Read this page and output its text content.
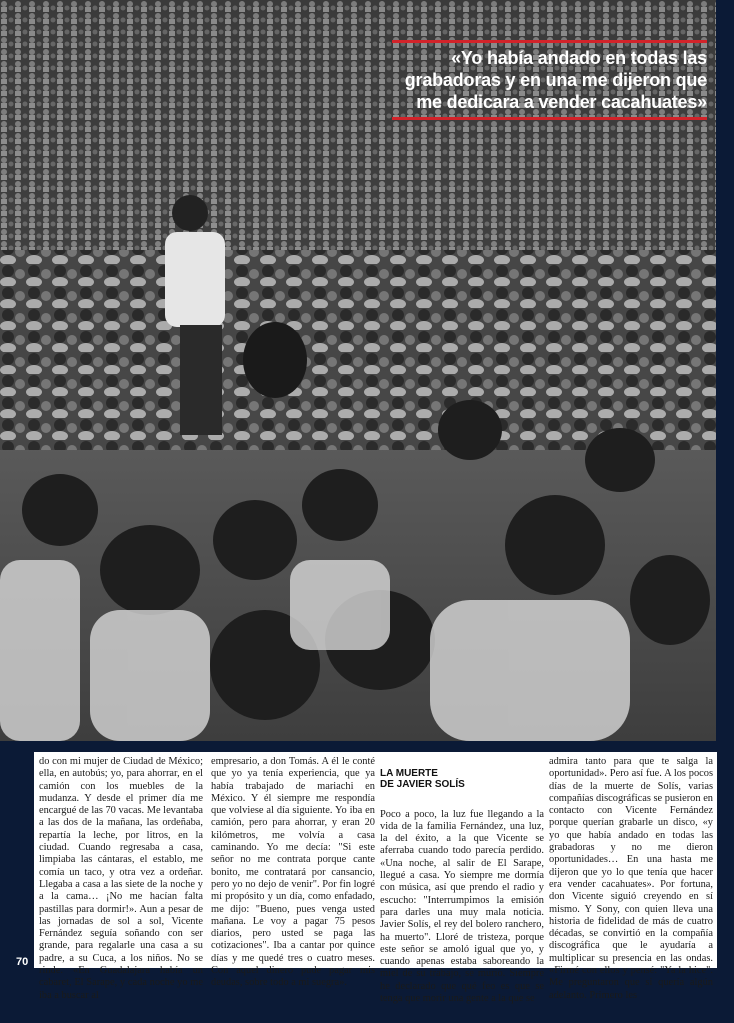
«Yo había andado en todas las
grabadoras y en una me dijeron que
me dedicara a vender cacahuates»
do con mi mujer de Ciudad de México; ella, en autobús; yo, para ahorrar, en el camión con los muebles de la mudanza. Y desde el primer día me encargué de las 70 vacas. Me levantaba a las dos de la mañana, las ordeñaba, repartía la leche, por litros, en la ciudad. Cuando regresaba a casa, limpiaba las cántaras, el establo, me comía un taco, y otra vez a ordeñar. Llegaba a casa a las siete de la noche y a la cama… ¡No me hacían falta pastillas para dormir!». Aun a pesar de las jornadas de sol a sol, Vicente Fernández seguía soñando con ser grande, para regalarle una casa a su padre, a su Cuca, a los niños. No se rinde. «En Guadalajara había un cabaret, El Sarape, y cada noche yo me iba a buscar al
empresario, a don Tomás. A él le conté que yo ya tenía experiencia, que ya había trabajado de mariachi en México. Y él siempre me respondía que volviese al día siguiente. Yo iba en camión, pero para ahorrar, y eran 20 kilómetros, me volvía a casa caminando. Yo me decía: "Si este señor no me contrata porque cante bonito, me contratará por cansancio, pero yo no dejo de venir". Por fin logré mi propósito y un día, como enfadado, me dijo: "Bueno, pues venga usted mañana. Le voy a pagar 75 pesos diarios, pero usted se paga las cotizaciones". Iba a cantar por quince días y me quedé tres o cuatro meses. Con aquel dinero pude pagar mis deudas, sobre todo a mi suegra».

LA MUERTE
DE JAVIER SOLÍS

Poco a poco, la luz fue llegando a la vida de la familia Fernández, una luz, la del éxito, a la que Vicente se aferraba cuando todo parecía perdido. «Una noche, al salir de El Sarape, llegué a casa. Yo siempre me dormía con música, así que prendo el radio y escucho: "Interrumpimos la emisión para darles una muy mala noticia. Javier Solís, el rey del bolero ranchero, ha muerto". Lloré de tristeza, porque este señor se amoló igual que yo, y cuando apenas estaba saboreando la miel de su trabajo, se murió. Siempre he declarado que qué feo es que se tenga que morir una gente a la que se

admira tanto para que te salga la oportunidad». Pero así fue. A los pocos días de la muerte de Solís, varias compañías discográficas se pusieron en contacto con Vicente Fernández porque querían grabarle un disco, «y yo que había andado en todas las grabadoras y no me dieron oportunidades… En una hasta me dijeron que yo lo que tenía que hacer era vender cacahuates». Por fortuna, don Vicente siguió creyendo en sí mismo. Y Sony, con quien lleva una historia de fidelidad de más de cuatro décadas, se convirtió en la compañía discográfica que le ayudaría a multiplicar su presencia en las ondas. «Firmé con ellos y pensé: "Ya la hice". Me preguntaron que si quería algún adelanto. Primero les
70
